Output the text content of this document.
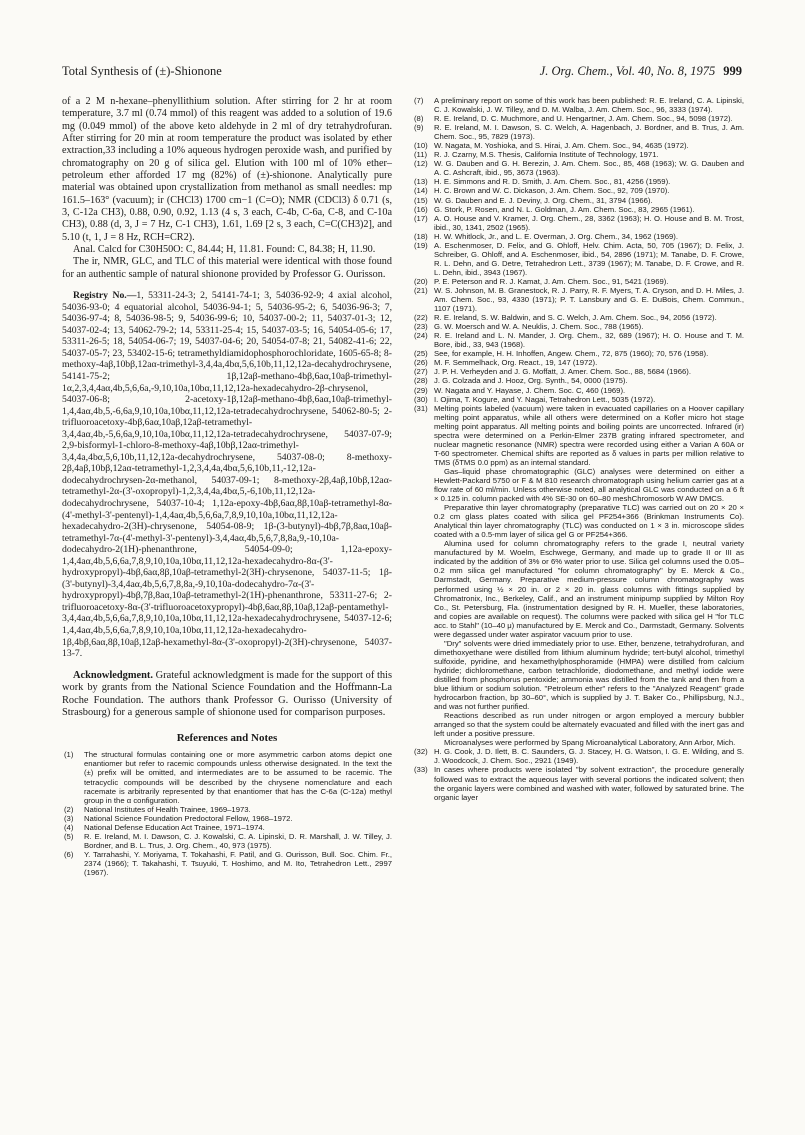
Total Synthesis of (±)-Shionone	J. Org. Chem., Vol. 40, No. 8, 1975 999

of a 2 M n-hexane–phenyllithium solution. After stirring for 2 hr at room temperature, 3.7 ml (0.74 mmol) of this reagent was added to a solution of 19.6 mg (0.049 mmol) of the above keto aldehyde in 2 ml of dry tetrahydrofuran. After stirring for 20 min at room temperature the product was isolated by ether extraction,33 including a 10% aqueous hydrogen peroxide wash, and purified by chromatography on 20 g of silica gel. Elution with 100 ml of 10% ether–petroleum ether afforded 17 mg (82%) of (±)-shionone. Analytically pure material was obtained upon crystallization from methanol as small needles: mp 161.5–163° (vacuum); ir (CHCl3) 1700 cm−1 (C=O); NMR (CDCl3) δ 0.71 (s, 3, C-12a CH3), 0.88, 0.90, 0.92, 1.13 (4 s, 3 each, C-4b, C-6a, C-8, and C-10a CH3), 0.88 (d, 3, J = 7 Hz, C-1 CH3), 1.61, 1.69 [2 s, 3 each, C=C(CH3)2], and 5.10 (t, 1, J = 8 Hz, RCH=CR2).

Anal. Calcd for C30H50O: C, 84.44; H, 11.81. Found: C, 84.38; H, 11.90.

The ir, NMR, GLC, and TLC of this material were identical with those found for an authentic sample of natural shionone provided by Professor G. Ourisson.

Registry No.—1, 53311-24-3; 2, 54141-74-1; 3, 54036-92-9; 4 axial alcohol, 54036-93-0; 4 equatorial alcohol, 54036-94-1; 5, 54036-95-2; 6, 54036-96-3; 7, 54036-97-4; 8, 54036-98-5; 9, 54036-99-6; 10, 54037-00-2; 11, 54037-01-3; 12, 54037-02-4; 13, 54062-79-2; 14, 53311-25-4; 15, 54037-03-5; 16, 54054-05-6; 17, 53311-26-5; 18, 54054-06-7; 19, 54037-04-6; 20, 54054-07-8; 21, 54082-41-6; 22, 54037-05-7; 23, 53402-15-6; tetramethyldiamidophosphorochloridate, 1605-65-8; 8-methoxy-4aβ,10bβ,12aα-trimethyl-3,4,4a,4bα,5,6,10b,11,12,12a-decahydrochrysene, 54141-75-2; 1β,12aβ-methano-4bβ,6aα,10aβ-trimethyl-1α,2,3,4,4aα,4b,5,6,6a,-9,10,10a,10bα,11,12,12a-hexadecahydro-2β-chrysenol, 54037-06-8; 2-acetoxy-1β,12aβ-methano-4bβ,6aα,10aβ-trimethyl-1,4,4aα,4b,5,-6,6a,9,10,10a,10bα,11,12,12a-tetradecahydrochrysene, 54062-80-5; 2-trifluoroacetoxy-4bβ,6aα,10aβ,12aβ-tetramethyl-3,4,4aα,4b,-5,6,6a,9,10,10a,10bα,11,12,12a-tetradecahydrochrysene, 54037-07-9; 2,9-bisformyl-1-chloro-8-methoxy-4aβ,10bβ,12aα-trimethyl-3,4,4a,4bα,5,6,10b,11,12,12a-decahydrochrysene, 54037-08-0; 8-methoxy-2β,4aβ,10bβ,12aα-tetramethyl-1,2,3,4,4a,4bα,5,6,10b,11,-12,12a-dodecahydrochrysen-2α-methanol, 54037-09-1; 8-methoxy-2β,4aβ,10bβ,12aα-tetramethyl-2α-(3'-oxopropyl)-1,2,3,4,4a,4bα,5,-6,10b,11,12,12a-dodecahydrochrysene, 54037-10-4; 1,12a-epoxy-4bβ,6aα,8β,10aβ-tetramethyl-8α-(4'-methyl-3'-pentenyl)-1,4,4aα,4b,5,6,6a,7,8,9,10,10a,10bα,11,12,12a-hexadecahydro-2(3H)-chrysenone, 54054-08-9; 1β-(3-butynyl)-4bβ,7β,8aα,10aβ-tetramethyl-7α-(4'-methyl-3'-pentenyl)-3,4,4aα,4b,5,6,7,8,8a,9,-10,10a-dodecahydro-2(1H)-phenanthrone, 54054-09-0; 1,12a-epoxy-1,4,4aα,4b,5,6,6a,7,8,9,10,10a,10bα,11,12,12a-hexadecahydro-8α-(3'-hydroxypropyl)-4bβ,6aα,8β,10aβ-tetramethyl-2(3H)-chrysenone, 54037-11-5; 1β-(3'-butynyl)-3,4,4aα,4b,5,6,7,8,8a,-9,10,10a-dodecahydro-7α-(3'-hydroxypropyl)-4bβ,7β,8aα,10aβ-tetramethyl-2(1H)-phenanthrone, 53311-27-6; 2-trifluoroacetoxy-8α-(3'-trifluoroacetoxypropyl)-4bβ,6aα,8β,10aβ,12aβ-pentamethyl-3,4,4aα,4b,5,6,6a,7,8,9,10,10a,10bα,11,12,12a-hexadecahydrochrysene, 54037-12-6; 1,4,4aα,4b,5,6,6a,7,8,9,10,10a,10bα,11,12,12a-hexadecahydro-1β,4bβ,6aα,8β,10aβ,12aβ-hexamethyl-8α-(3'-oxopropyl)-2(3H)-chrysenone, 54037-13-7.

Acknowledgment. Grateful acknowledgment is made for the support of this work by grants from the National Science Foundation and the Hoffmann-La Roche Foundation. The authors thank Professor G. Ourisso (University of Strasbourg) for a generous sample of shionone used for comparison purposes.

References and Notes
(1)	The structural formulas containing one or more asymmetric carbon atoms depict one enantiomer but refer to racemic compounds unless otherwise designated. In the text the (±) prefix will be omitted, and intermediates are to be assumed to be racemic. The tetracyclic compounds will be described by the chrysene nomenclature and each racemate is arbitrarily represented by that enantiomer that has the C-6a (C-12a) methyl group in the α configuration.
(2)	National Institutes of Health Trainee, 1969–1973.
(3)	National Science Foundation Predoctoral Fellow, 1968–1972.
(4)	National Defense Education Act Trainee, 1971–1974.
(5)	R. E. Ireland, M. I. Dawson, C. J. Kowalski, C. A. Lipinski, D. R. Marshall, J. W. Tilley, J. Bordner, and B. L. Trus, J. Org. Chem., 40, 973 (1975).
(6)	Y. Tarrahashi, Y. Moriyama, T. Tokahashi, F. Patil, and G. Ourisson, Bull. Soc. Chim. Fr., 2374 (1966); T. Takahashi, T. Tsuyuki, T. Hoshimo, and M. Ito, Tetrahedron Lett., 2997 (1967).
(7)	A preliminary report on some of this work has been published: R. E. Ireland, C. A. Lipinski, C. J. Kowalski, J. W. Tilley, and D. M. Walba, J. Am. Chem. Soc., 96, 3333 (1974).
(8)	R. E. Ireland, D. C. Muchmore, and U. Hengartner, J. Am. Chem. Soc., 94, 5098 (1972).
(9)	R. E. Ireland, M. I. Dawson, S. C. Welch, A. Hagenbach, J. Bordner, and B. Trus, J. Am. Chem. Soc., 95, 7829 (1973).
(10) W. Nagata, M. Yoshioka, and S. Hirai, J. Am. Chem. Soc., 94, 4635 (1972).
(11) R. J. Czarny, M.S. Thesis, California Institute of Technology, 1971.
(12) W. G. Dauben and G. H. Berezin, J. Am. Chem. Soc., 85, 468 (1963); W. G. Dauben and A. C. Ashcraft, ibid., 95, 3673 (1963).
(13) H. E. Simmons and R. D. Smith, J. Am. Chem. Soc., 81, 4256 (1959).
(14) H. C. Brown and W. C. Dickason, J. Am. Chem. Soc., 92, 709 (1970).
(15) W. G. Dauben and E. J. Deviny, J. Org. Chem., 31, 3794 (1966).
(16) G. Stork, P. Rosen, and N. L. Goldman, J. Am. Chem. Soc., 83, 2965 (1961).
(17) A. O. House and V. Kramer, J. Org. Chem., 28, 3362 (1963); H. O. House and B. M. Trost, ibid., 30, 1341, 2502 (1965).
(18) H. W. Whitlock, Jr., and L. E. Overman, J. Org. Chem., 34, 1962 (1969).
(19) A. Eschenmoser, D. Felix, and G. Ohloff, Helv. Chim. Acta, 50, 705 (1967); D. Felix, J. Schreiber, G. Ohloff, and A. Eschenmoser, ibid., 54, 2896 (1971); M. Tanabe, D. F. Crowe, R. L. Dehn, and G. Detre, Tetrahedron Lett., 3739 (1967); M. Tanabe, D. F. Crowe, and R. L. Dehn, ibid., 3943 (1967).
(20) P. E. Peterson and R. J. Kamat, J. Am. Chem. Soc., 91, 5421 (1969).
(21) W. S. Johnson, M. B. Granestock, R. J. Parry, R. F. Myers, T. A. Cryson, and D. H. Miles, J. Am. Chem. Soc., 93, 4330 (1971); P. T. Lansbury and G. E. DuBois, Chem. Commun., 1107 (1971).
(22) R. E. Ireland, S. W. Baldwin, and S. C. Welch, J. Am. Chem. Soc., 94, 2056 (1972).
(23) G. W. Moersch and W. A. Neuklis, J. Chem. Soc., 788 (1965).
(24) R. E. Ireland and L. N. Mander, J. Org. Chem., 32, 689 (1967); H. O. House and T. M. Bore, ibid., 33, 943 (1968).
(25) See, for example, H. H. Inhoffen, Angew. Chem., 72, 875 (1960); 70, 576 (1958).
(26) M. F. Semmelhack, Org. React., 19, 147 (1972).
(27) J. P. H. Verheyden and J. G. Moffatt, J. Amer. Chem. Soc., 88, 5684 (1966).
(28) J. G. Colzada and J. Hooz, Org. Synth., 54, 0000 (1975).
(29) W. Nagata and Y. Hayase, J. Chem. Soc. C, 460 (1969).
(30) I. Ojima, T. Kogure, and Y. Nagai, Tetrahedron Lett., 5035 (1972).
(31) Melting points labeled (vacuum) were taken in evacuated capillaries on a Hoover capillary melting point apparatus, while all others were determined on a Kofler micro hot stage melting point apparatus. All melting points and boiling points are uncorrected. Infrared (ir) spectra were determined on a Perkin-Elmer 237B grating infrared spectrometer, and nuclear magnetic resonance (NMR) spectra were recorded using either a Varian A 60A or T-60 spectrometer. Chemical shifts are reported as δ values in parts per million relative to TMS (δTMS 0.0 ppm) as an internal standard.

Gas–liquid phase chromatographic (GLC) analyses were determined on either a Hewlett-Packard 5750 or F & M 810 research chromatograph using helium carrier gas at a flow rate of 60 ml/min. Unless otherwise noted, all analytical GLC was conducted on a 6 ft × 0.125 in. column packed with 4% SE-30 on 60–80 meshChromosorb W AW DMCS.

Preparative thin layer chromatography (preparative TLC) was carried out on 20 × 20 × 0.2 cm glass plates coated with silica gel PF254+366 (Brinkman Instruments Co). Analytical thin layer chromatography (TLC) was conducted on 1 × 3 in. microscope slides coated with a 0.5-mm layer of silica gel G or PF254+366.

Alumina used for column chromatography refers to the grade I, neutral variety manufactured by M. Woelm, Eschwege, Germany, and made up to grade II or III as indicated by the addition of 3% or 6% water prior to use. Silica gel columns used the 0.05–0.2 mm silica gel manufactured "for column chromatography" by E. Merck & Co., Darmstadt, Germany. Preparative medium-pressure column chromatography was performed using ½ × 20 in. or 2 × 20 in. glass columns with fittings supplied by Chromatronix, Inc., Berkeley, Calif., and an instrument minipump supplied by Milton Roy Co., St. Petersburg, Fla. (instrumentation designed by R. H. Mueller, these laboratories, and copies are available on request). The columns were packed with silica gel H "for TLC acc. to Stahl" (10–40 μ) manufactured by E. Merck and Co., Darmstadt, Germany. Solvents were degassed under water aspirator vacuum prior to use.

"Dry" solvents were dried immediately prior to use. Ether, benzene, tetrahydrofuran, and dimethoxyethane were distilled from lithium aluminum hydride; tert-butyl alcohol, trimethyl sulfoxide, pyridine, and hexamethylphosphoramide (HMPA) were distilled from calcium hydride; dichloromethane, carbon tetrachloride, diodomethane, and methyl iodide were distilled from phosphorus pentoxide; ammonia was distilled from the tank and then from a blue lithium or sodium solution. "Petroleum ether" refers to the "Analyzed Reagent" grade hydrocarbon fraction, bp 30–60°, which is supplied by J. T. Baker Co., Phillipsburg, N.J., and was not further purified.

Reactions described as run under nitrogen or argon employed a mercury bubbler arranged so that the system could be alternately evacuated and filled with the inert gas and left under a positive pressure.

Microanalyses were performed by Spang Microanalytical Laboratory, Ann Arbor, Mich.

(32) H. G. Cook, J. D. Ilett, B. C. Saunders, G. J. Stacey, H. G. Watson, I. G. E. Wilding, and S. J. Woodcock, J. Chem. Soc., 2921 (1949).
(33) In cases where products were isolated "by solvent extraction", the procedure generally followed was to extract the aqueous layer with several portions the indicated solvent; then the organic layers were combined and washed with water, followed by saturated brine. The organic layer
